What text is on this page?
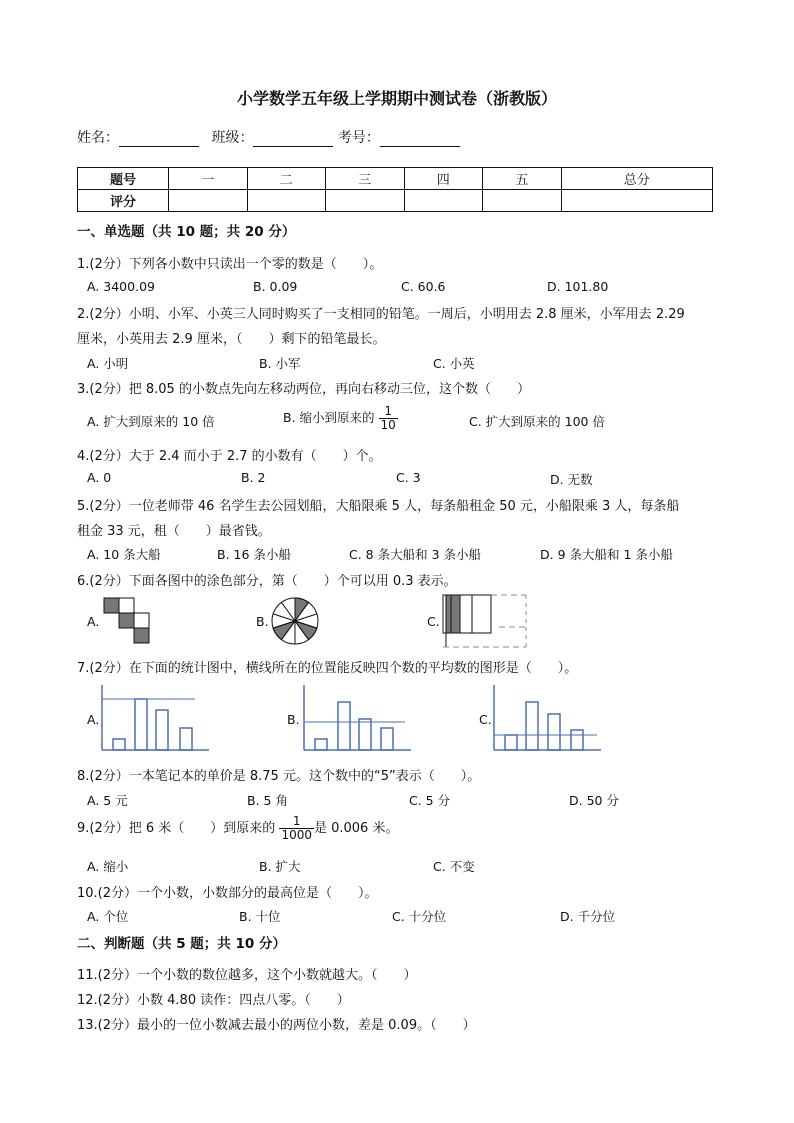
小学数学五年级上学期期中测试卷（浙教版）
姓名：	班级：	考号：
题号	一	二	三	四	五	总分
评分						
一、单选题（共 10 题；共 20 分）
1.(2分）下列各小数中只读出一个零的数是（　　）。
A. 3400.09	B. 0.09	C. 60.6	D. 101.80
2.(2分）小明、小军、小英三人同时购买了一支相同的铅笔。一周后，小明用去 2.8 厘米，小军用去 2.29
厘米，小英用去 2.9 厘米，（　　）剩下的铅笔最长。
A. 小明	B. 小军	C. 小英
3.(2分）把 8.05 的小数点先向左移动两位，再向右移动三位，这个数（　　）
A. 扩大到原来的 10 倍	B. 缩小到原来的 $\frac{1}{10}$	C. 扩大到原来的 100 倍
4.(2分）大于 2.4 而小于 2.7 的小数有（　　）个。
A. 0	B. 2	C. 3	D. 无数
5.(2分）一位老师带 46 名学生去公园划船，大船限乘 5 人，每条船租金 50 元，小船限乘 3 人，每条船
租金 33 元，租（　　）最省钱。
A. 10 条大船	B. 16 条小船	C. 8 条大船和 3 条小船	D. 9 条大船和 1 条小船
6.(2分）下面各图中的涂色部分，第（　　）个可以用 0.3 表示。
A.	B.	C.
7.(2分）在下面的统计图中，横线所在的位置能反映四个数的平均数的图形是（　　）。
A.	B.	C.
8.(2分）一本笔记本的单价是 8.75 元。这个数中的“5”表示（　　）。
A. 5 元	B. 5 角	C. 5 分	D. 50 分
9.(2分）把 6 米（　　）到原来的 $\frac{1}{1000}$ 是 0.006 米。
A. 缩小	B. 扩大	C. 不变
10.(2分）一个小数，小数部分的最高位是（　　）。
A. 个位	B. 十位	C. 十分位	D. 千分位
二、判断题（共 5 题；共 10 分）
11.(2分）一个小数的数位越多，这个小数就越大。（　　）
12.(2分）小数 4.80 读作：四点八零。（　　）
13.(2分）最小的一位小数减去最小的两位小数，差是 0.09。（　　）
